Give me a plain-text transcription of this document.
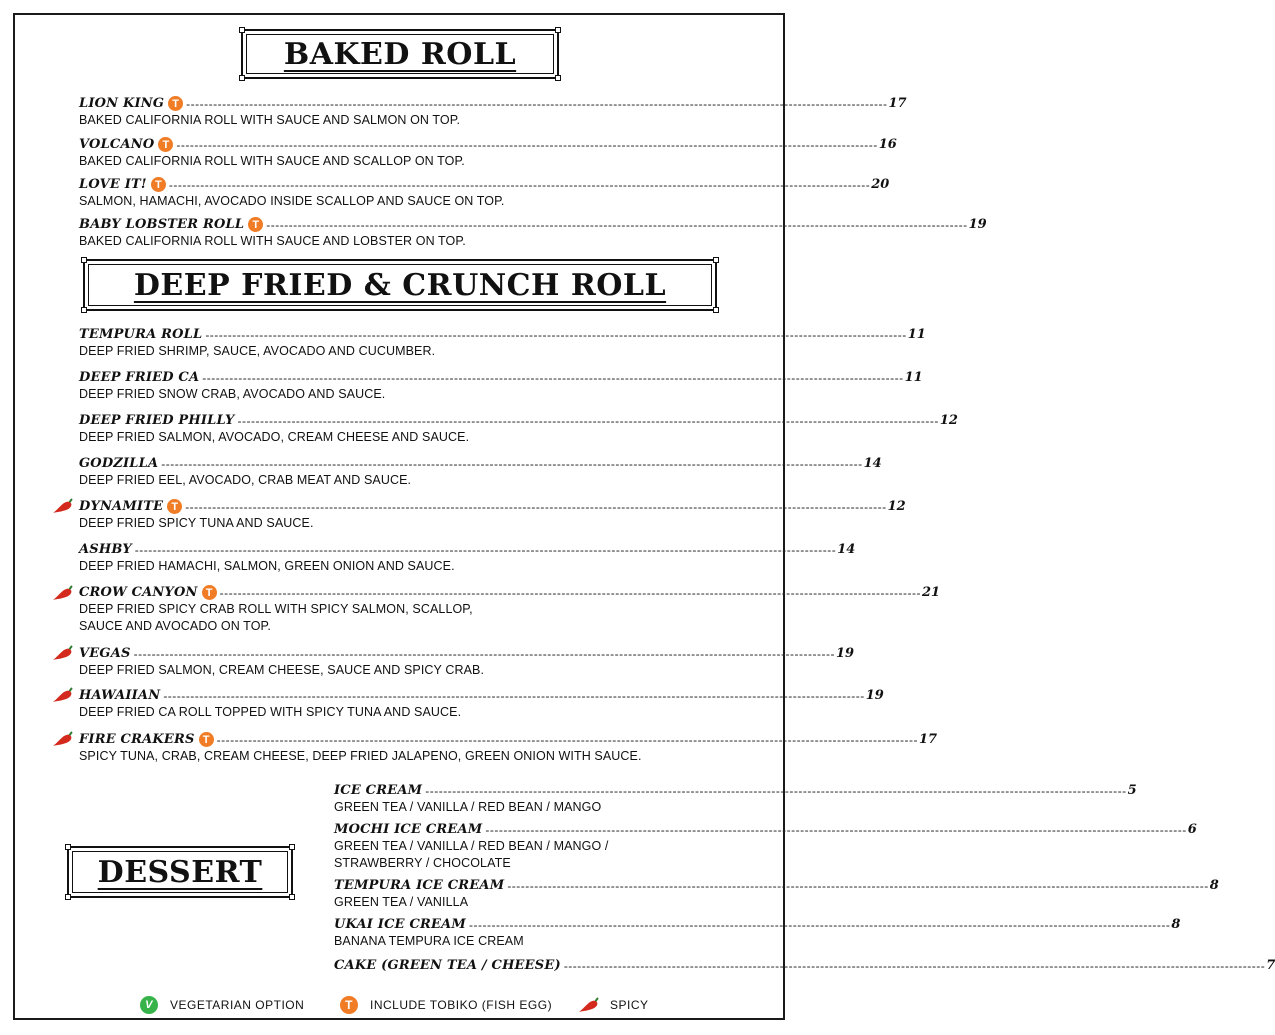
BAKED ROLL
LION KING T ------------------------------------------------------------------------------------------------------------------------------------------------------------ 17
BAKED CALIFORNIA ROLL WITH SAUCE AND SALMON ON TOP.
VOLCANO T ------------------------------------------------------------------------------------------------------------------------------------------------------------ 16
BAKED CALIFORNIA ROLL WITH SAUCE AND SCALLOP ON TOP.
LOVE IT! T ------------------------------------------------------------------------------------------------------------------------------------------------------------ 20
SALMON, HAMACHI, AVOCADO INSIDE SCALLOP AND SAUCE ON TOP.
BABY LOBSTER ROLL T ------------------------------------------------------------------------------------------------------------------------------------------------------------ 19
BAKED CALIFORNIA ROLL WITH SAUCE AND LOBSTER ON TOP.
DEEP FRIED & CRUNCH ROLL
TEMPURA ROLL ------------------------------------------------------------------------------------------------------------------------------------------------------------ 11
DEEP FRIED SHRIMP, SAUCE, AVOCADO AND CUCUMBER.
DEEP FRIED CA ------------------------------------------------------------------------------------------------------------------------------------------------------------ 11
DEEP FRIED SNOW CRAB, AVOCADO AND SAUCE.
DEEP FRIED PHILLY ------------------------------------------------------------------------------------------------------------------------------------------------------------ 12
DEEP FRIED SALMON, AVOCADO, CREAM CHEESE AND SAUCE.
GODZILLA ------------------------------------------------------------------------------------------------------------------------------------------------------------ 14
DEEP FRIED EEL, AVOCADO, CRAB MEAT AND SAUCE.
DYNAMITE T ------------------------------------------------------------------------------------------------------------------------------------------------------------ 12
DEEP FRIED SPICY TUNA AND SAUCE.
ASHBY ------------------------------------------------------------------------------------------------------------------------------------------------------------ 14
DEEP FRIED HAMACHI, SALMON, GREEN ONION AND SAUCE.
CROW CANYON T ------------------------------------------------------------------------------------------------------------------------------------------------------------ 21
DEEP FRIED SPICY CRAB ROLL WITH SPICY SALMON, SCALLOP,
SAUCE AND AVOCADO ON TOP.
VEGAS ------------------------------------------------------------------------------------------------------------------------------------------------------------ 19
DEEP FRIED SALMON, CREAM CHEESE, SAUCE AND SPICY CRAB.
HAWAIIAN ------------------------------------------------------------------------------------------------------------------------------------------------------------ 19
DEEP FRIED CA ROLL TOPPED WITH SPICY TUNA AND SAUCE.
FIRE CRAKERS T ------------------------------------------------------------------------------------------------------------------------------------------------------------ 17
SPICY TUNA, CRAB, CREAM CHEESE, DEEP FRIED JALAPENO, GREEN ONION WITH SAUCE.
DESSERT
ICE CREAM ------------------------------------------------------------------------------------------------------------------------------------------------------------ 5
GREEN TEA / VANILLA / RED BEAN / MANGO
MOCHI ICE CREAM ------------------------------------------------------------------------------------------------------------------------------------------------------------ 6
GREEN TEA / VANILLA / RED BEAN / MANGO /
STRAWBERRY / CHOCOLATE
TEMPURA ICE CREAM ------------------------------------------------------------------------------------------------------------------------------------------------------------ 8
GREEN TEA / VANILLA
UKAI ICE CREAM ------------------------------------------------------------------------------------------------------------------------------------------------------------ 8
BANANA TEMPURA ICE CREAM
CAKE (GREEN TEA / CHEESE) ------------------------------------------------------------------------------------------------------------------------------------------------------------ 7
V	VEGETARIAN OPTION	T	INCLUDE TOBIKO (FISH EGG)	SPICY
